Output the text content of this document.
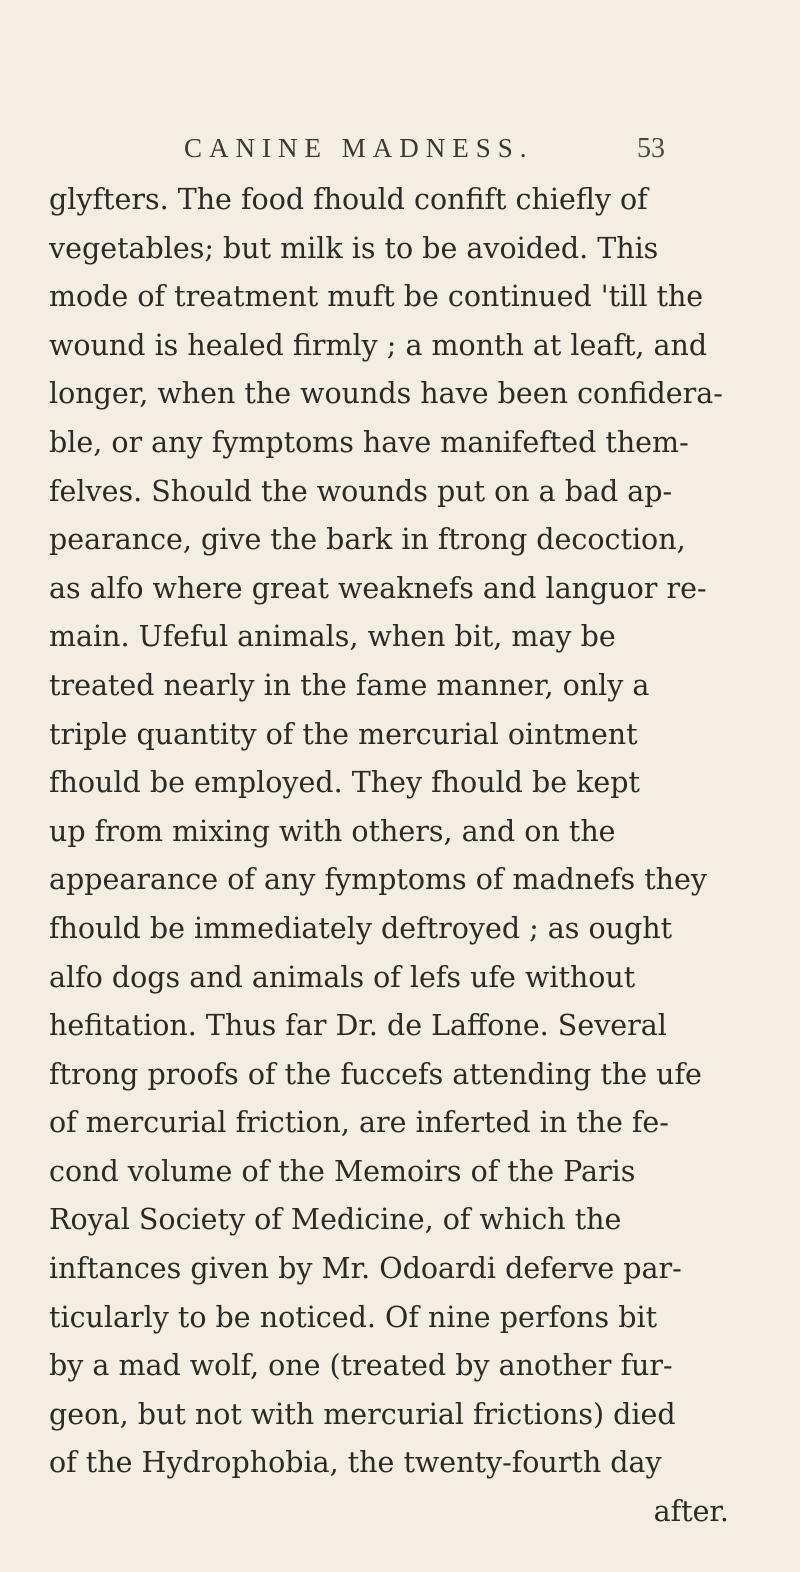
CANINE MADNESS.	53
glyfters. The food fhould confift chiefly of
vegetables; but milk is to be avoided. This
mode of treatment muft be continued 'till the
wound is healed firmly ; a month at leaft, and
longer, when the wounds have been confidera-
ble, or any fymptoms have manifefted them-
felves. Should the wounds put on a bad ap-
pearance, give the bark in ftrong decoction,
as alfo where great weaknefs and languor re-
main. Ufeful animals, when bit, may be
treated nearly in the fame manner, only a
triple quantity of the mercurial ointment
fhould be employed. They fhould be kept
up from mixing with others, and on the
appearance of any fymptoms of madnefs they
fhould be immediately deftroyed ; as ought
alfo dogs and animals of lefs ufe without
hefitation. Thus far Dr. de Laffone. Several
ftrong proofs of the fuccefs attending the ufe
of mercurial friction, are inferted in the fe-
cond volume of the Memoirs of the Paris
Royal Society of Medicine, of which the
inftances given by Mr. Odoardi deferve par-
ticularly to be noticed. Of nine perfons bit
by a mad wolf, one (treated by another fur-
geon, but not with mercurial frictions) died
of the Hydrophobia, the twenty-fourth day
after.
